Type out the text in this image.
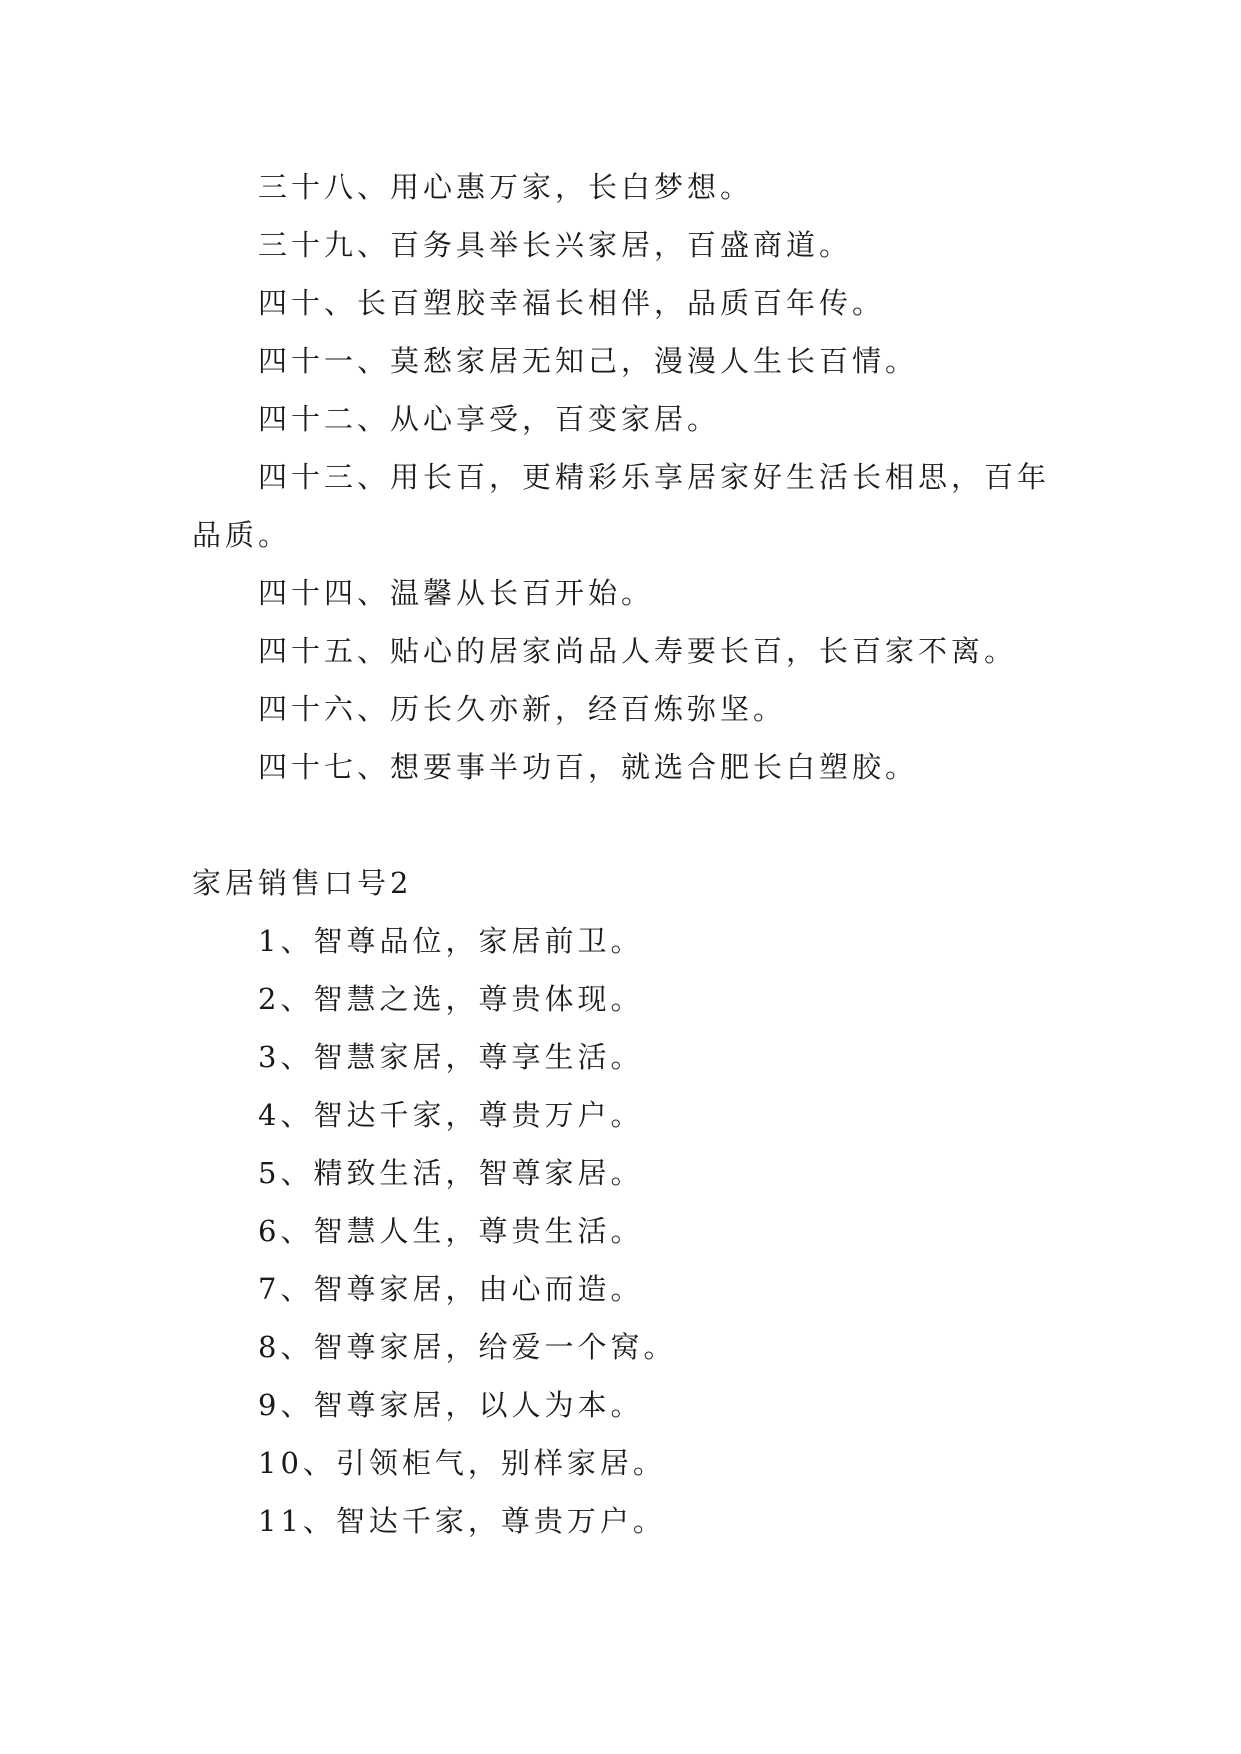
三十八、用心惠万家，长白梦想。

三十九、百务具举长兴家居，百盛商道。

四十、长百塑胶幸福长相伴，品质百年传。

四十一、莫愁家居无知己，漫漫人生长百情。

四十二、从心享受，百变家居。

四十三、用长百，更精彩乐享居家好生活长相思，百年品质。

四十四、温馨从长百开始。

四十五、贴心的居家尚品人寿要长百，长百家不离。

四十六、历长久亦新，经百炼弥坚。

四十七、想要事半功百，就选合肥长白塑胶。

家居销售口号2

1、智尊品位，家居前卫。

2、智慧之选，尊贵体现。

3、智慧家居，尊享生活。

4、智达千家，尊贵万户。

5、精致生活，智尊家居。

6、智慧人生，尊贵生活。

7、智尊家居，由心而造。

8、智尊家居，给爱一个窝。

9、智尊家居，以人为本。

10、引领柜气，别样家居。

11、智达千家，尊贵万户。
